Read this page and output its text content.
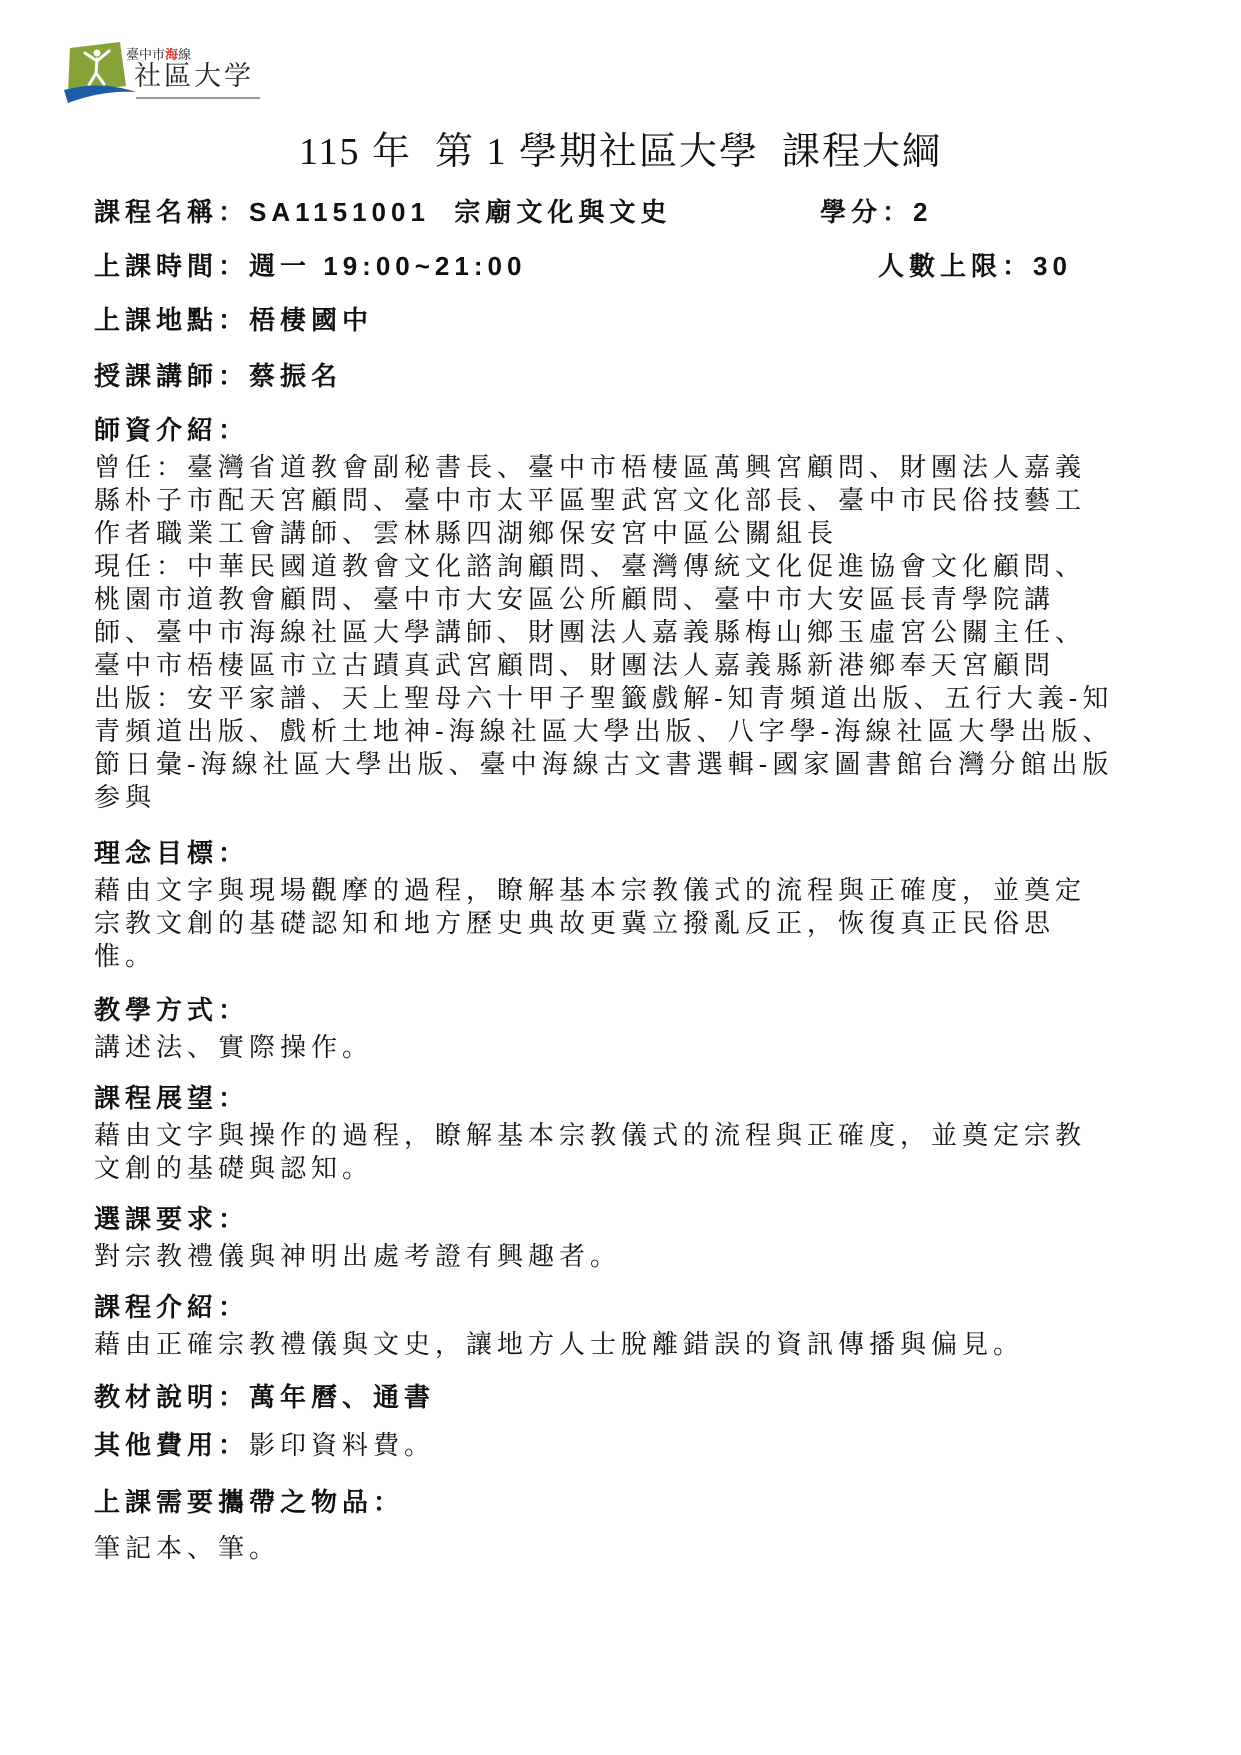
臺中市海線
社區大学
115 年  第 1 學期社區大學  課程大綱
課程名稱：SA1151001  宗廟文化與文史	學分：2
上課時間：週一 19:00~21:00	人數上限：30
上課地點：梧棲國中
授課講師：蔡振名
師資介紹：
曾任：臺灣省道教會副秘書長、臺中市梧棲區萬興宮顧問、財團法人嘉義
縣朴子市配天宮顧問、臺中市太平區聖武宮文化部長、臺中市民俗技藝工
作者職業工會講師、雲林縣四湖鄉保安宮中區公關組長
現任：中華民國道教會文化諮詢顧問、臺灣傳統文化促進協會文化顧問、
桃園市道教會顧問、臺中市大安區公所顧問、臺中市大安區長青學院講
師、臺中市海線社區大學講師、財團法人嘉義縣梅山鄉玉虛宮公關主任、
臺中市梧棲區市立古蹟真武宮顧問、財團法人嘉義縣新港鄉奉天宮顧問
出版：安平家譜、天上聖母六十甲子聖籤戲解-知青頻道出版、五行大義-知
青頻道出版、戲析土地神-海線社區大學出版、八字學-海線社區大學出版、
節日彙-海線社區大學出版、臺中海線古文書選輯-國家圖書館台灣分館出版
参與
理念目標：
藉由文字與現場觀摩的過程，瞭解基本宗教儀式的流程與正確度，並奠定
宗教文創的基礎認知和地方歷史典故更冀立撥亂反正，恢復真正民俗思
惟。
教學方式：
講述法、實際操作。
課程展望：
藉由文字與操作的過程，瞭解基本宗教儀式的流程與正確度，並奠定宗教
文創的基礎與認知。
選課要求：
對宗教禮儀與神明出處考證有興趣者。
課程介紹：
藉由正確宗教禮儀與文史，讓地方人士脫離錯誤的資訊傳播與偏見。
教材說明：萬年曆、通書
其他費用：影印資料費。
上課需要攜帶之物品：
筆記本、筆。
